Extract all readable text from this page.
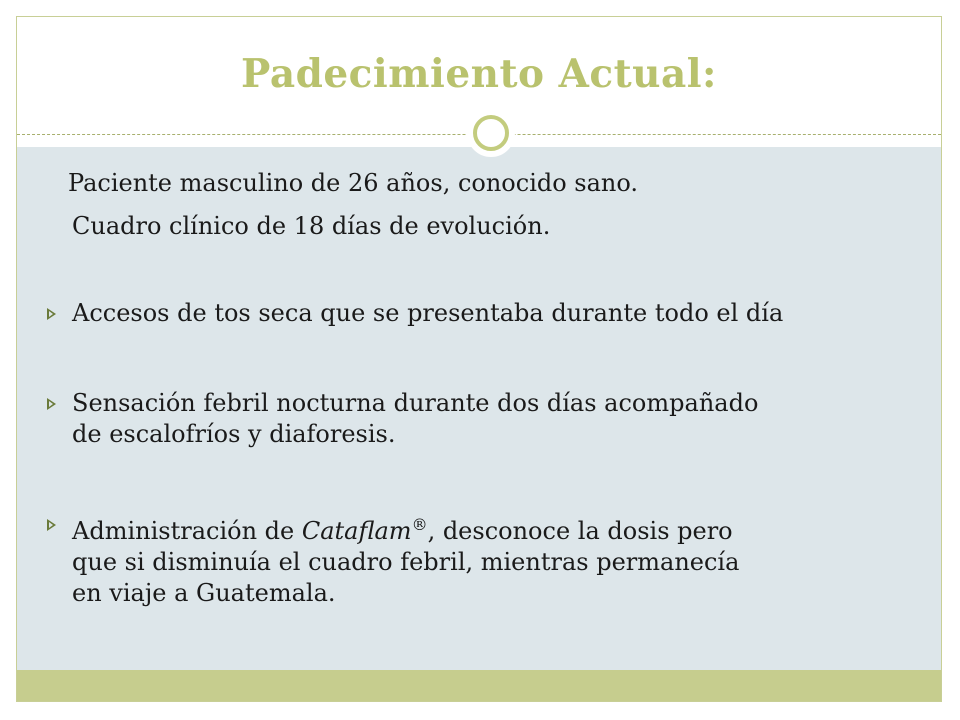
Padecimiento Actual:
Paciente masculino de 26 años, conocido sano.
Cuadro clínico de 18 días de evolución.
Accesos de tos seca que se presentaba durante todo el día
Sensación febril nocturna durante dos días acompañado
de escalofríos y diaforesis.
Administración de Cataflam®, desconoce la dosis pero
que si disminuía el cuadro febril, mientras permanecía
en viaje a Guatemala.
